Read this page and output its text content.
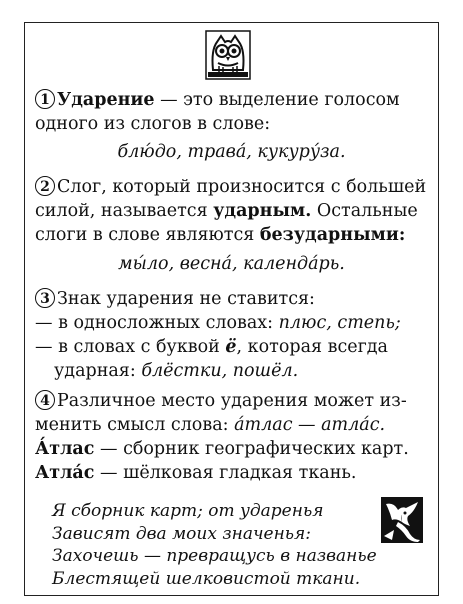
1 Ударение — это выделение голосом
одного из слогов в слове:
блю́до, трава́, кукуру́за.
2 Слог, который произносится с большей
силой, называется ударным. Остальные
слоги в слове являются безударными:
мы́ло, весна́, календа́рь.
3 Знак ударения не ставится:
— в односложных словах: плюс, степь;
— в словах с буквой ё, которая всегда
ударная: блёстки, пошёл.
4 Различное место ударения может из-
менить смысл слова: а́тлас — атла́с.
А́тлас — сборник географических карт.
Атла́с — шёлковая гладкая ткань.
Я сборник карт; от ударенья
Зависят два моих значенья:
Захочешь — превращусь в названье
Блестящей шелковистой ткани.
